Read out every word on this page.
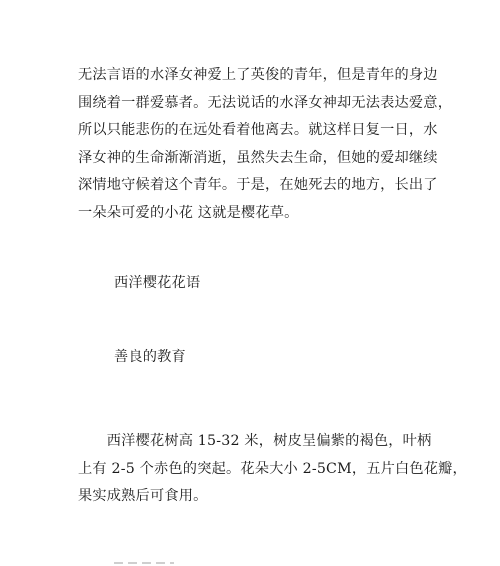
无法言语的水泽女神爱上了英俊的青年，但是青年的身边
围绕着一群爱慕者。无法说话的水泽女神却无法表达爱意，
所以只能悲伤的在远处看着他离去。就这样日复一日，水
泽女神的生命渐渐消逝，虽然失去生命，但她的爱却继续
深情地守候着这个青年。于是，在她死去的地方，长出了
一朵朵可爱的小花 这就是樱花草。

西洋樱花花语

善良的教育

　　西洋樱花树高 15-32 米，树皮呈偏紫的褐色，叶柄
上有 2-5 个赤色的突起。花朵大小 2-5CM，五片白色花瓣，
果实成熟后可食用。
